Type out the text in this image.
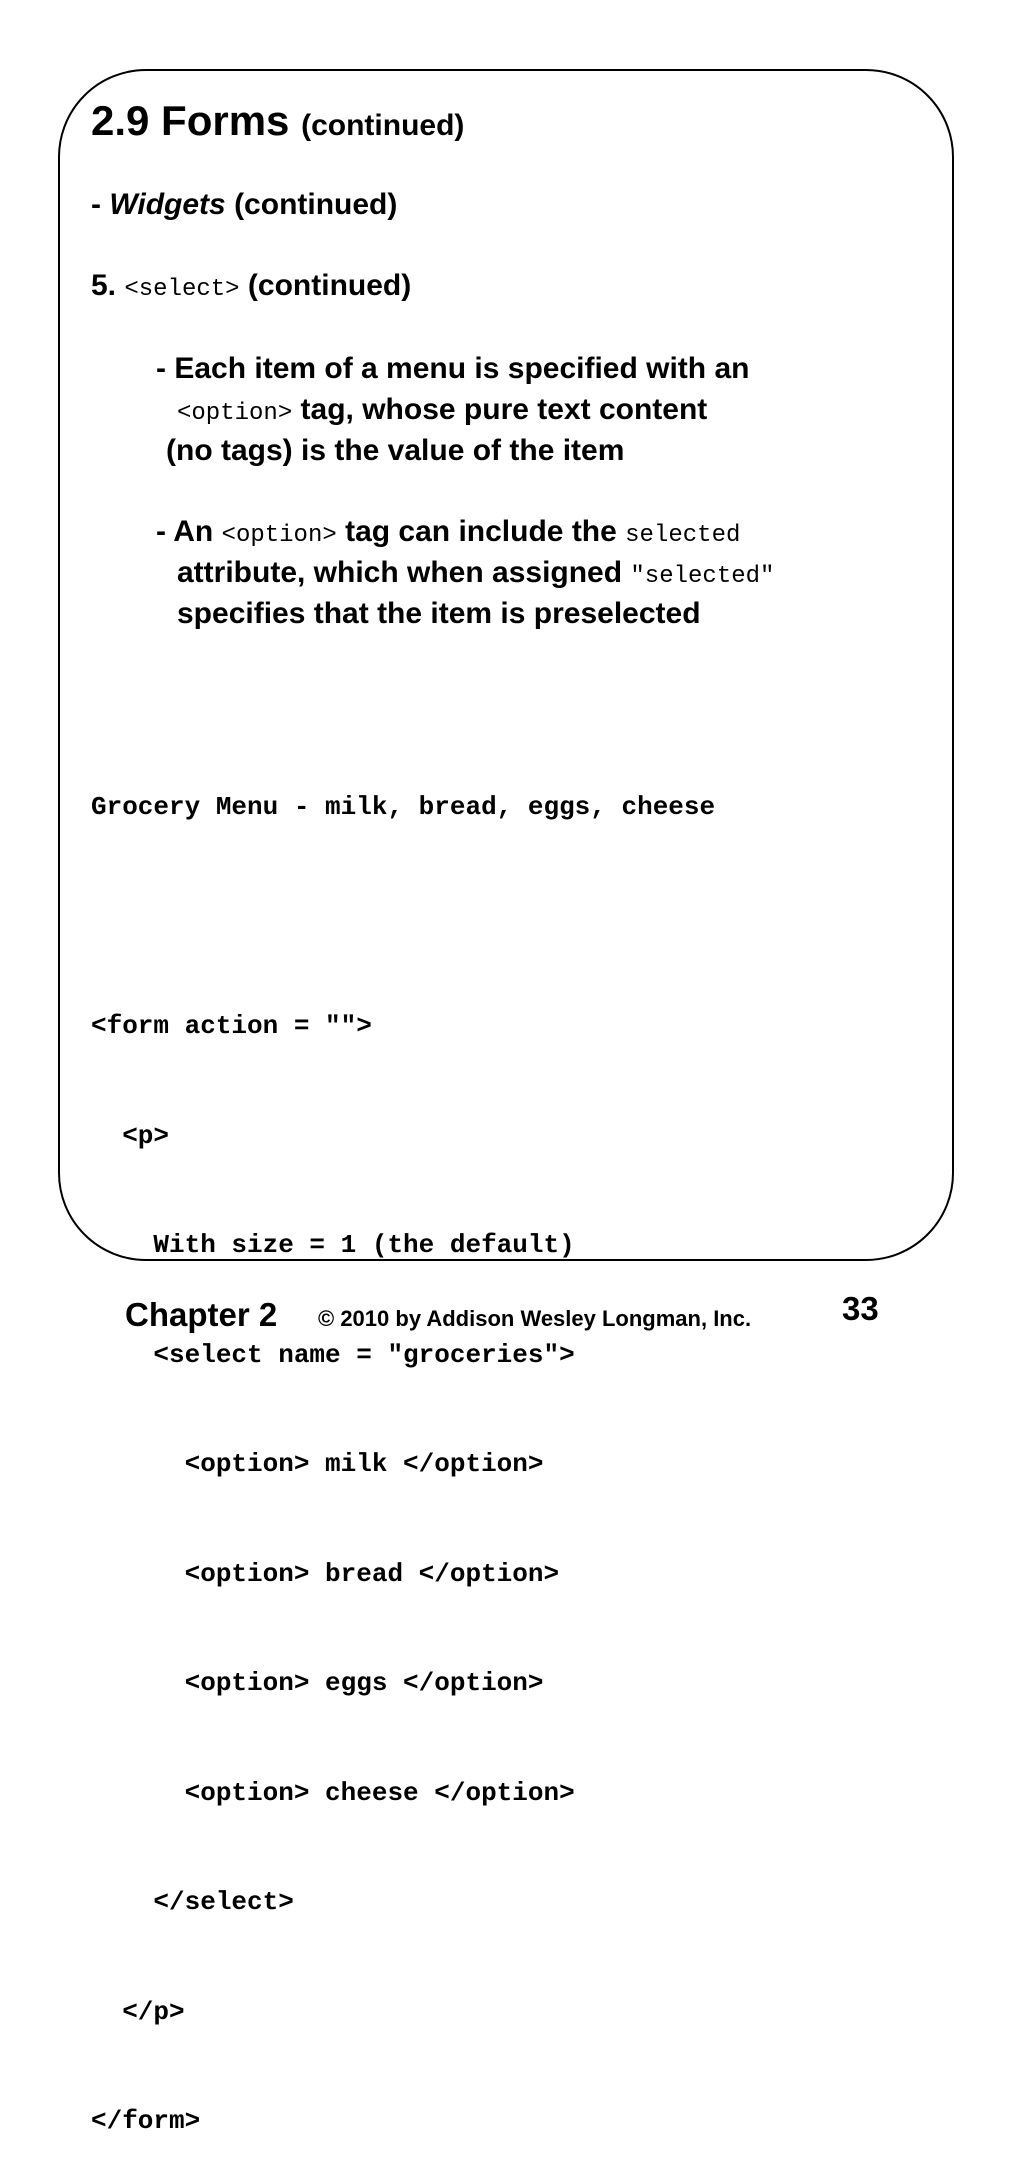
2.9 Forms (continued)
- Widgets (continued)
5. <select> (continued)
- Each item of a menu is specified with an
<option> tag, whose pure text content
(no tags) is the value of the item
- An <option> tag can include the selected
attribute, which when assigned "selected"
specifies that the item is preselected

Grocery Menu - milk, bread, eggs, cheese

<form action = "">

<p>

With size = 1 (the default)

<select name = "groceries">

<option> milk </option>

<option> bread </option>

<option> eggs </option>

<option> cheese </option>

</select>

</p>

</form>

Chapter 2 © 2010 by Addison Wesley Longman, Inc.	33
